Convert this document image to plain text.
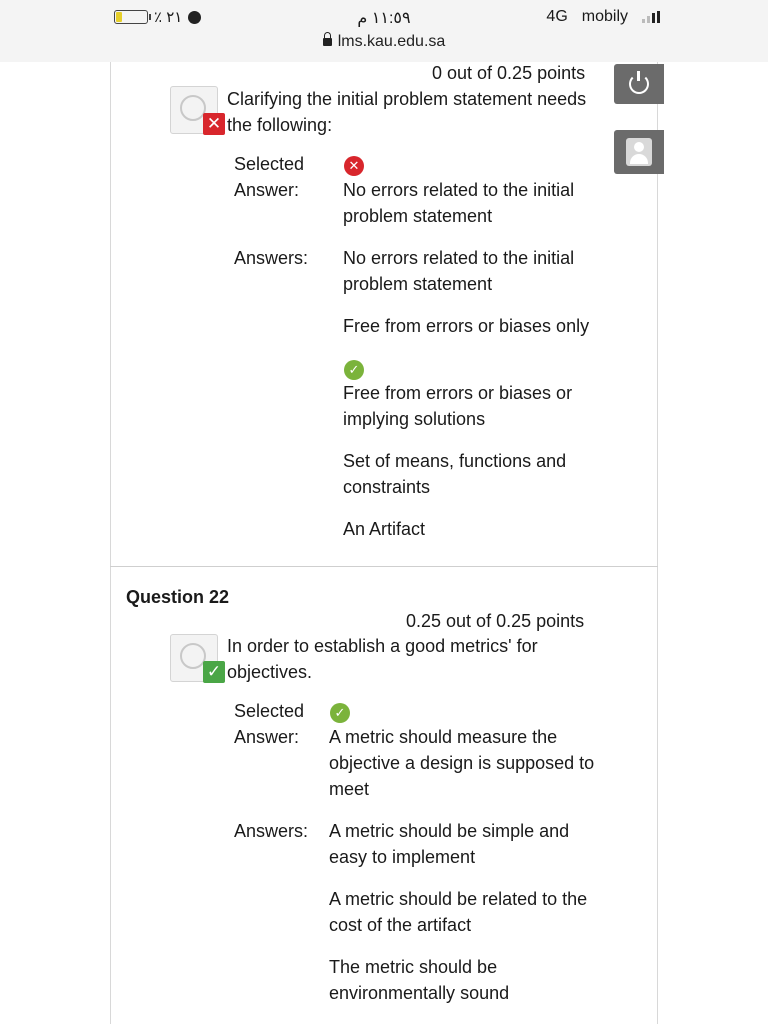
٪ ٢١	١١:٥٩ م
lms.kau.edu.sa
4G mobily
0 out of 0.25 points
✕
Clarifying the initial problem statement needs
the following:
Selected
Answer:
✕
No errors related to the initial
problem statement
Answers: No errors related to the initial
problem statement
Free from errors or biases only
✓
Free from errors or biases or
implying solutions
Set of means, functions and
constraints
An Artifact
Question 22
0.25 out of 0.25 points
✓
In order to establish a good metrics' for
objectives.
Selected
Answer:
✓
A metric should measure the
objective a design is supposed to
meet
Answers: A metric should be simple and
easy to implement
A metric should be related to the
cost of the artifact
The metric should be
environmentally sound
